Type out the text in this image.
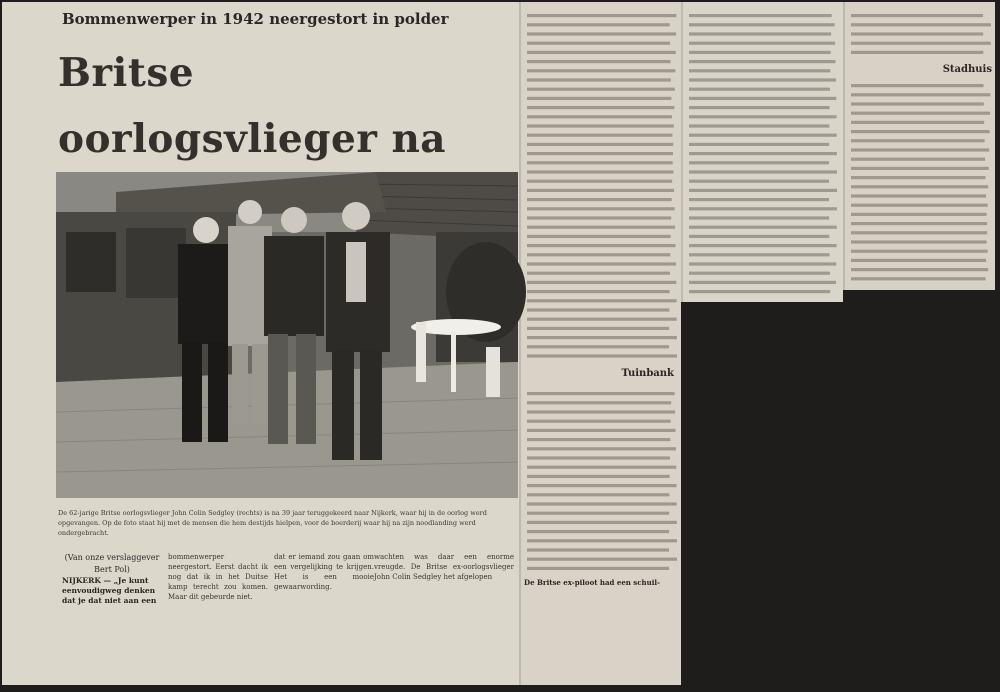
Bommenwerper in 1942 neergestort in polder
Britse oorlogsvlieger na
De 62-jarige Britse oorlogsvlieger John Colin Sedgley (rechts) is na 39 jaar teruggekeerd naar Nijkerk, waar hij in de oorlog werd opgevangen. Op de foto staat hij met de mensen die hem destijds hielpen, voor de boerderij waar hij na zijn noodlanding werd ondergebracht.
(Van onze verslaggever
Bert Pol)
NIJKERK — „Je kunt eenvoudigweg denken dat je dat niet aan een
bommenwerper neergestort. Eerst dacht ik nog dat ik in het Duitse kamp terecht zou komen. Maar dit gebeurde niet.
dat er iemand zou gaan om een vergelijking te krijgen. Het is een mooie gewaarwording.
wachten was daar een enorme vreugde. De Britse ex-oorlogsvlieger John Colin Sedgley het afgelopen
Tuinbank
Stadhuis
De Britse ex-piloot had een schuil-
